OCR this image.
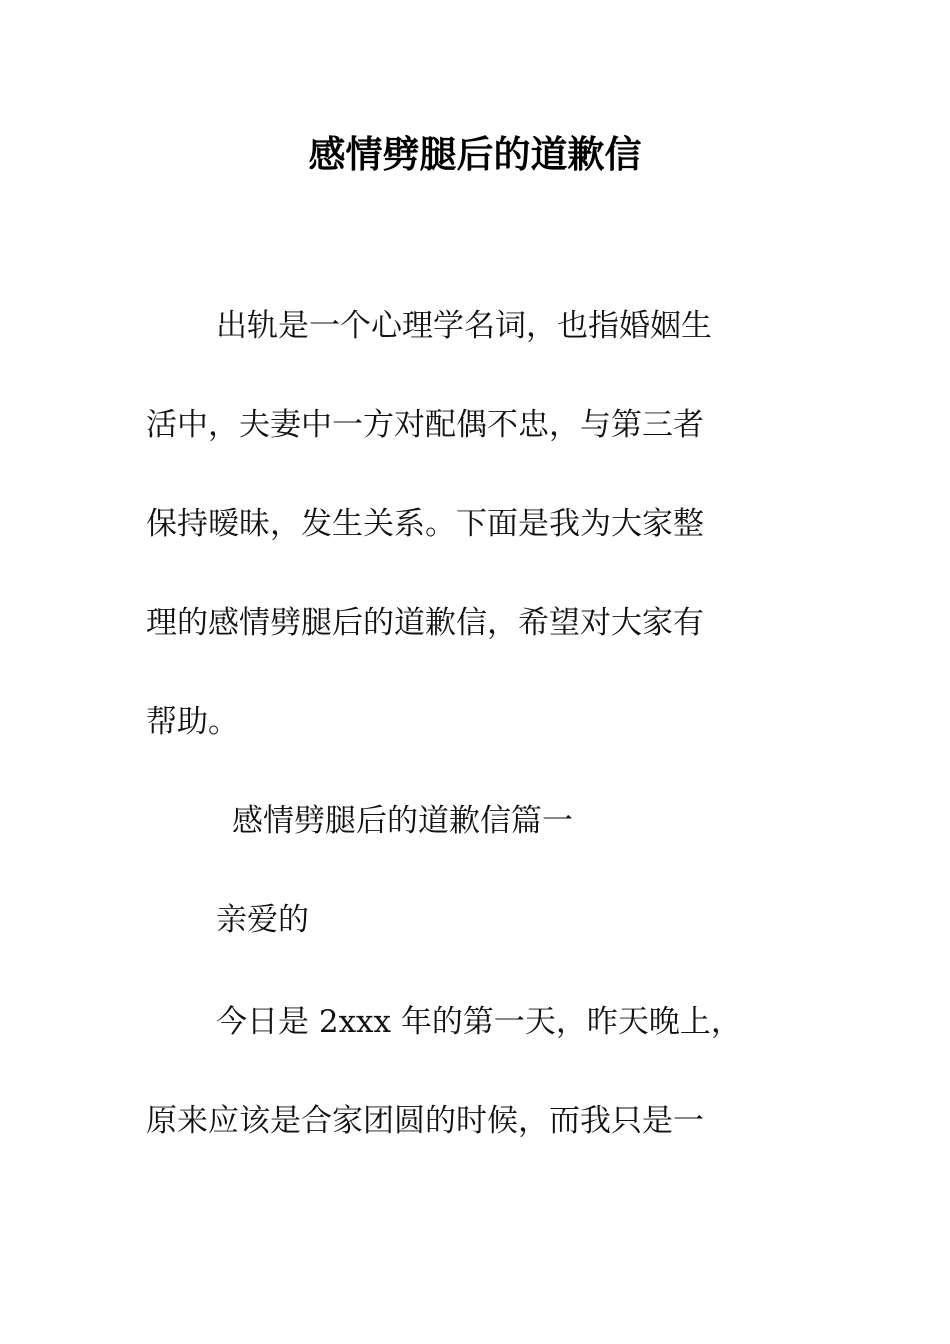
感情劈腿后的道歉信

出轨是一个心理学名词，也指婚姻生

活中，夫妻中一方对配偶不忠，与第三者

保持暧昧，发生关系。下面是我为大家整

理的感情劈腿后的道歉信，希望对大家有

帮助。

感情劈腿后的道歉信篇一

亲爱的

今日是 2xxx 年的第一天，昨天晚上，

原来应该是合家团圆的时候，而我只是一
